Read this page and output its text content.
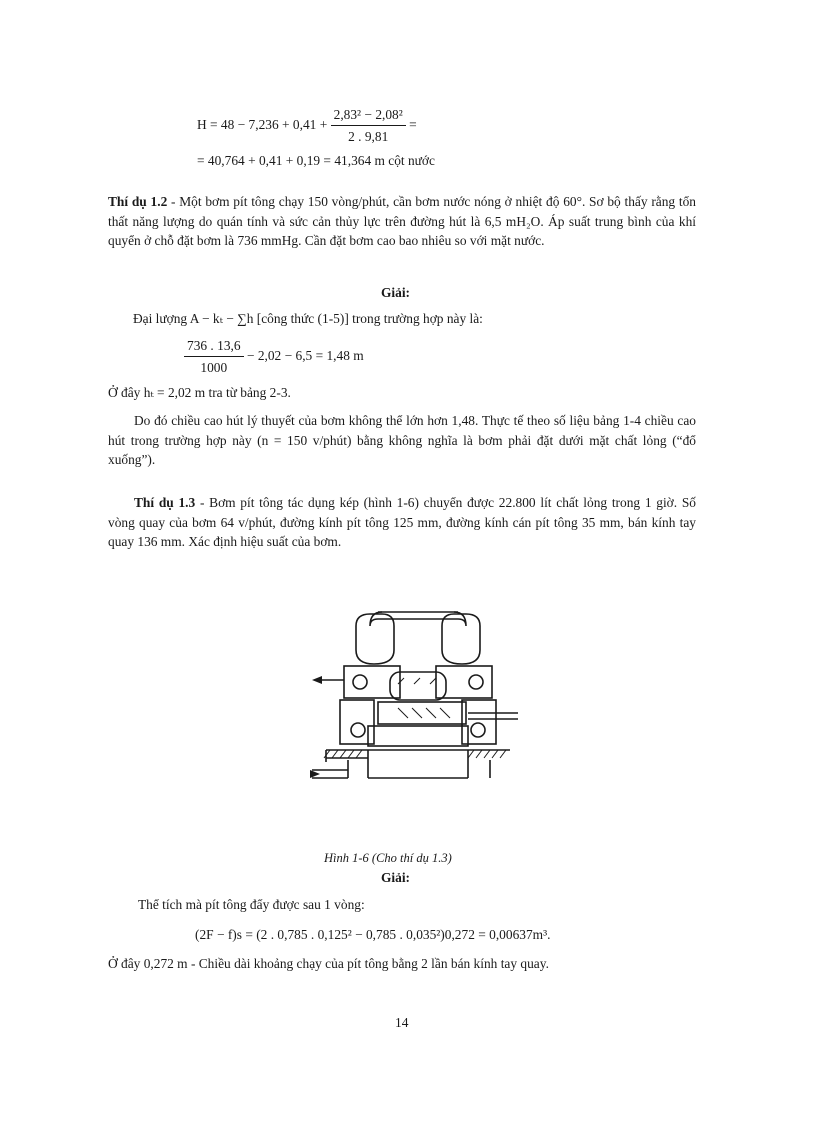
$H = 48 - 7,236 + 0,41 + \frac{\text{2,83² − 2,08²}}{2 . 9,81}$ =
= 40,764 + 0,41 + 0,19 = 41,364 m cột nước

Thí dụ 1.2 - Một bơm pít tông chạy 150 vòng/phút, cần bơm nước nóng ở nhiệt độ 60°. Sơ bộ thấy rằng tổn thất năng lượng do quán tính và sức cản thủy lực trên đường hút là 6,5 mH₂O. Áp suất trung bình của khí quyển ở chỗ đặt bơm là 736 mmHg. Cần đặt bơm cao bao nhiêu so với mặt nước.

Giải:
Đại lượng A − kₜ − ∑h [công thức (1-5)] trong trường hợp này là:
$\frac{736 . 13,6}{1000} - 2,02 - 6,5 = 1,48$ m
Ở đây hₜ = 2,02 m tra từ bảng 2-3.

Do đó chiều cao hút lý thuyết của bơm không thể lớn hơn 1,48. Thực tế theo số liệu bảng 1-4 chiều cao hút trong trường hợp này (n = 150 v/phút) bằng không nghĩa là bơm phải đặt dưới mặt chất lỏng (“đổ xuống”).

Thí dụ 1.3 - Bơm pít tông tác dụng kép (hình 1-6) chuyển được 22.800 lít chất lỏng trong 1 giờ. Số vòng quay của bơm 64 v/phút, đường kính pít tông 125 mm, đường kính cán pít tông 35 mm, bán kính tay quay 136 mm. Xác định hiệu suất của bơm.

Hình 1-6 (Cho thí dụ 1.3)
Giải:
Thể tích mà pít tông đẩy được sau 1 vòng:
(2F − f)s = (2 . 0,785 . 0,125² − 0,785 . 0,035²)0,272 = 0,00637m³.
Ở đây 0,272 m - Chiều dài khoảng chạy của pít tông bằng 2 lần bán kính tay quay.
14
